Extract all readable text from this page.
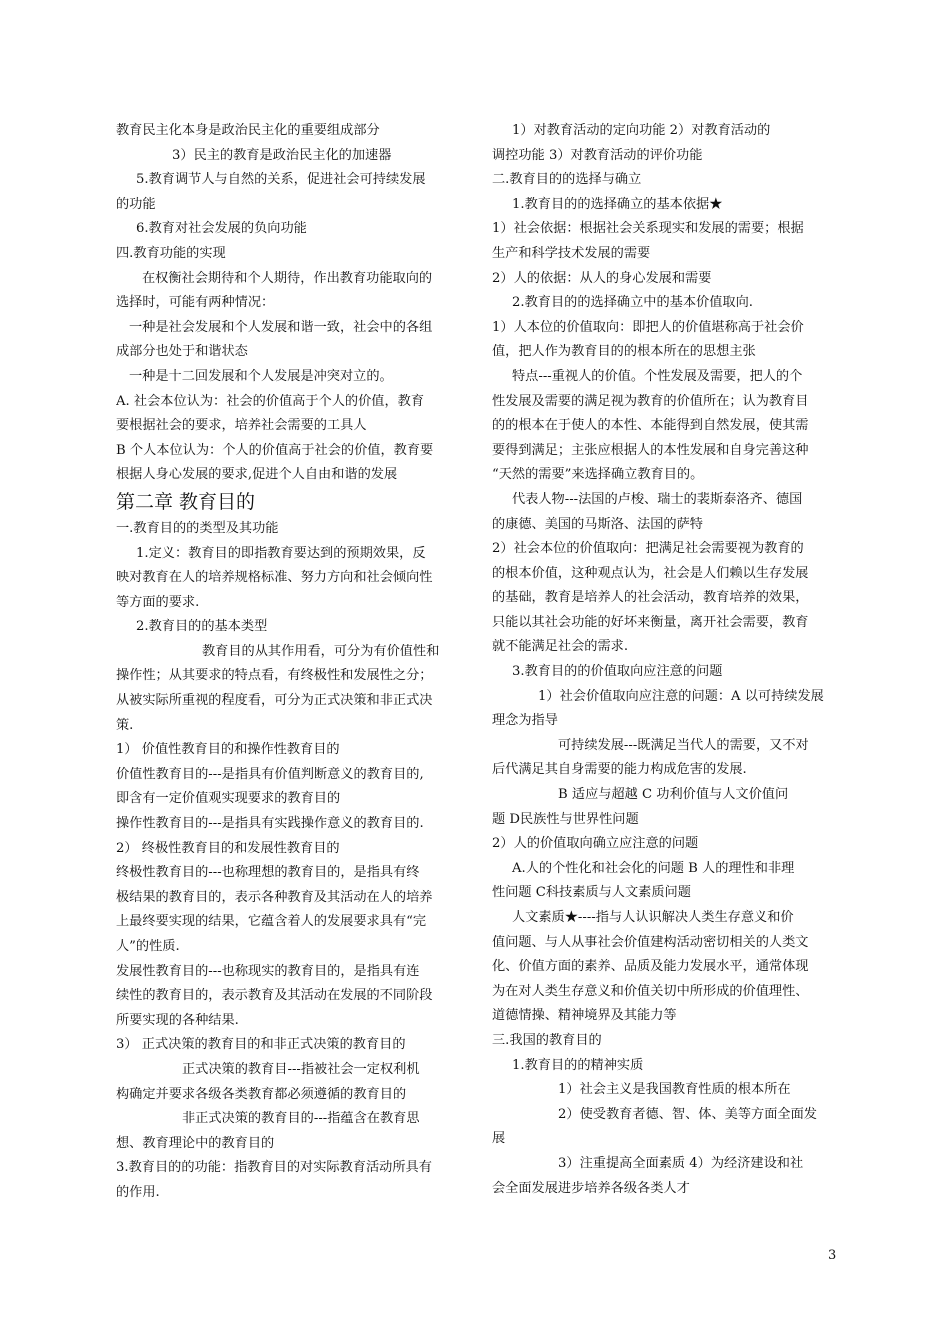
教育民主化本身是政治民主化的重要组成部分
3）民主的教育是政治民主化的加速器
5.教育调节人与自然的关系，促进社会可持续发展
的功能
6.教育对社会发展的负向功能
四.教育功能的实现
在权衡社会期待和个人期待，作出教育功能取向的
选择时，可能有两种情况：
一种是社会发展和个人发展和谐一致，社会中的各组
成部分也处于和谐状态
一种是十二回发展和个人发展是冲突对立的。
A. 社会本位认为：社会的价值高于个人的价值，教育
要根据社会的要求，培养社会需要的工具人
B 个人本位认为：个人的价值高于社会的价值，教育要
根据人身心发展的要求,促进个人自由和谐的发展
第二章 教育目的
一.教育目的的类型及其功能
1.定义：教育目的即指教育要达到的预期效果，反
映对教育在人的培养规格标准、努力方向和社会倾向性
等方面的要求.
2.教育目的的基本类型
教育目的从其作用看，可分为有价值性和
操作性；从其要求的特点看，有终极性和发展性之分；
从被实际所重视的程度看，可分为正式决策和非正式决
策.
1） 价值性教育目的和操作性教育目的
价值性教育目的---是指具有价值判断意义的教育目的,
即含有一定价值观实现要求的教育目的
操作性教育目的---是指具有实践操作意义的教育目的.
2） 终极性教育目的和发展性教育目的
终极性教育目的---也称理想的教育目的，是指具有终
极结果的教育目的，表示各种教育及其活动在人的培养
上最终要实现的结果，它蕴含着人的发展要求具有“完
人”的性质.
发展性教育目的---也称现实的教育目的，是指具有连
续性的教育目的，表示教育及其活动在发展的不同阶段
所要实现的各种结果.
3） 正式决策的教育目的和非正式决策的教育目的
正式决策的教育目---指被社会一定权利机
构确定并要求各级各类教育都必须遵循的教育目的
非正式决策的教育目的---指蕴含在教育思
想、教育理论中的教育目的
3.教育目的的功能：指教育目的对实际教育活动所具有
的作用.
1）对教育活动的定向功能 2）对教育活动的
调控功能 3）对教育活动的评价功能
二.教育目的的选择与确立
1.教育目的的选择确立的基本依据★
1）社会依据：根据社会关系现实和发展的需要；根据
生产和科学技术发展的需要
2）人的依据：从人的身心发展和需要
2.教育目的的选择确立中的基本价值取向.
1）人本位的价值取向：即把人的价值堪称高于社会价
值，把人作为教育目的的根本所在的思想主张
特点---重视人的价值。个性发展及需要，把人的个
性发展及需要的满足视为教育的价值所在；认为教育目
的的根本在于使人的本性、本能得到自然发展，使其需
要得到满足；主张应根据人的本性发展和自身完善这种
“天然的需要”来选择确立教育目的。
代表人物---法国的卢梭、瑞士的裴斯泰洛齐、德国
的康德、美国的马斯洛、法国的萨特
2）社会本位的价值取向：把满足社会需要视为教育的
的根本价值，这种观点认为，社会是人们赖以生存发展
的基础，教育是培养人的社会活动，教育培养的效果，
只能以其社会功能的好坏来衡量，离开社会需要，教育
就不能满足社会的需求.
3.教育目的的价值取向应注意的问题
1）社会价值取向应注意的问题：A 以可持续发展
理念为指导
可持续发展---既满足当代人的需要，又不对
后代满足其自身需要的能力构成危害的发展.
B 适应与超越 C 功利价值与人文价值问
题 D民族性与世界性问题
2）人的价值取向确立应注意的问题
A.人的个性化和社会化的问题 B 人的理性和非理
性问题 C科技素质与人文素质问题
人文素质★----指与人认识解决人类生存意义和价
值问题、与人从事社会价值建构活动密切相关的人类文
化、价值方面的素养、品质及能力发展水平，通常体现
为在对人类生存意义和价值关切中所形成的价值理性、
道德情操、精神境界及其能力等
三.我国的教育目的
1.教育目的的精神实质
1）社会主义是我国教育性质的根本所在
2）使受教育者德、智、体、美等方面全面发
展
3）注重提高全面素质 4）为经济建设和社
会全面发展进步培养各级各类人才
3
